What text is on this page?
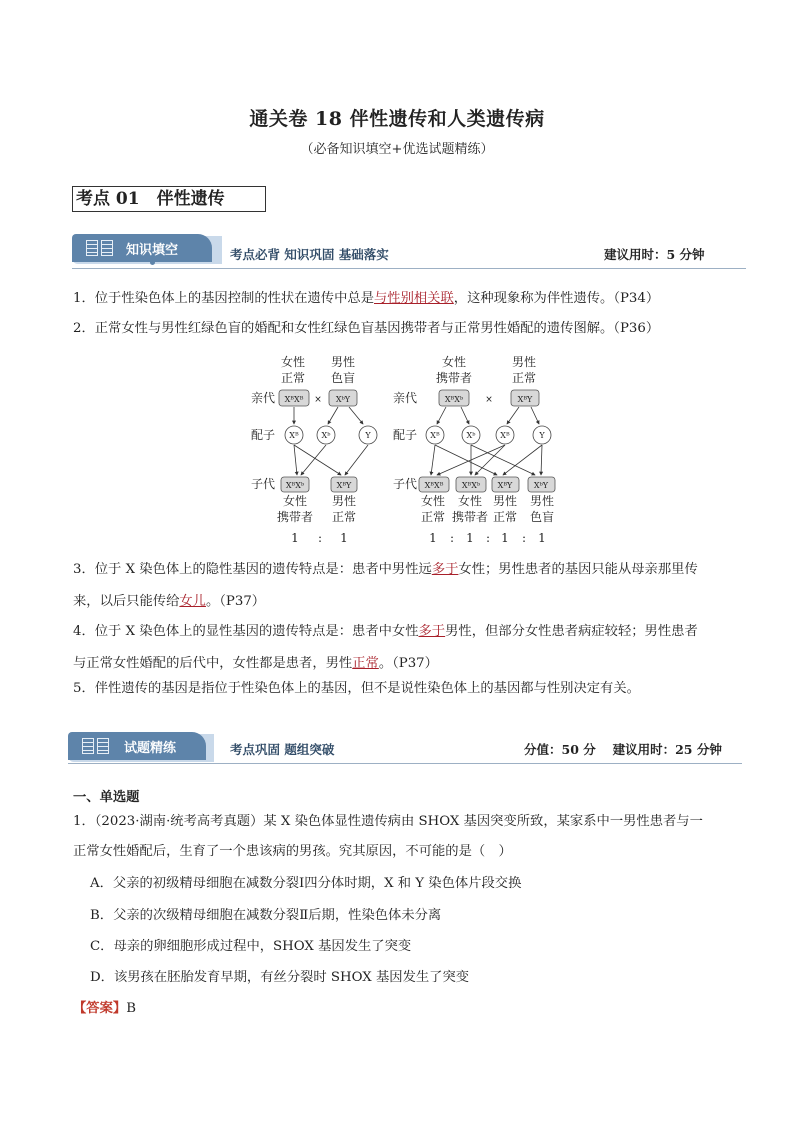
通关卷 18 伴性遗传和人类遗传病
（必备知识填空+优选试题精练）
考点 01　伴性遗传
知识填空	考点必背 知识巩固 基础落实	建议用时：5 分钟
1．位于性染色体上的基因控制的性状在遗传中总是与性别相关联，这种现象称为伴性遗传。（P34）
2．正常女性与男性红绿色盲的婚配和女性红绿色盲基因携带者与正常男性婚配的遗传图解。（P36）
女性
正常
男性
色盲
亲代 XᴮXᴮ × XᵇY
配子 Xᴮ	Xᵇ	Y
子代 XᴮXᵇ	XᴮY
女性
携带者
男性
正常
1 : 1
女性
携带者
男性
正常
亲代	XᴮXᵇ ×	XᴮY
配子 Xᴮ	Xᵇ	Xᴮ	Y
子代 XᴮXᴮ XᴮXᵇ XᴮY	XᵇY
女性
正常
女性
携带者
男性
正常
男性
色盲
1 : 1 : 1 : 1
3．位于 X 染色体上的隐性基因的遗传特点是：患者中男性远多于女性；男性患者的基因只能从母亲那里传
来，以后只能传给女儿。（P37）
4．位于 X 染色体上的显性基因的遗传特点是：患者中女性多于男性，但部分女性患者病症较轻；男性患者
与正常女性婚配的后代中，女性都是患者，男性正常。（P37）
5．伴性遗传的基因是指位于性染色体上的基因，但不是说性染色体上的基因都与性别决定有关。
试题精练	考点巩固 题组突破	分值：50 分　 建议用时：25 分钟
一、单选题
1．（2023·湖南·统考高考真题）某 X 染色体显性遗传病由 SHOX 基因突变所致，某家系中一男性患者与一
正常女性婚配后，生育了一个患该病的男孩。究其原因，不可能的是（　）
A．父亲的初级精母细胞在减数分裂Ⅰ四分体时期，X 和 Y 染色体片段交换
B．父亲的次级精母细胞在减数分裂Ⅱ后期，性染色体未分离
C．母亲的卵细胞形成过程中，SHOX 基因发生了突变
D．该男孩在胚胎发育早期，有丝分裂时 SHOX 基因发生了突变
【答案】B
